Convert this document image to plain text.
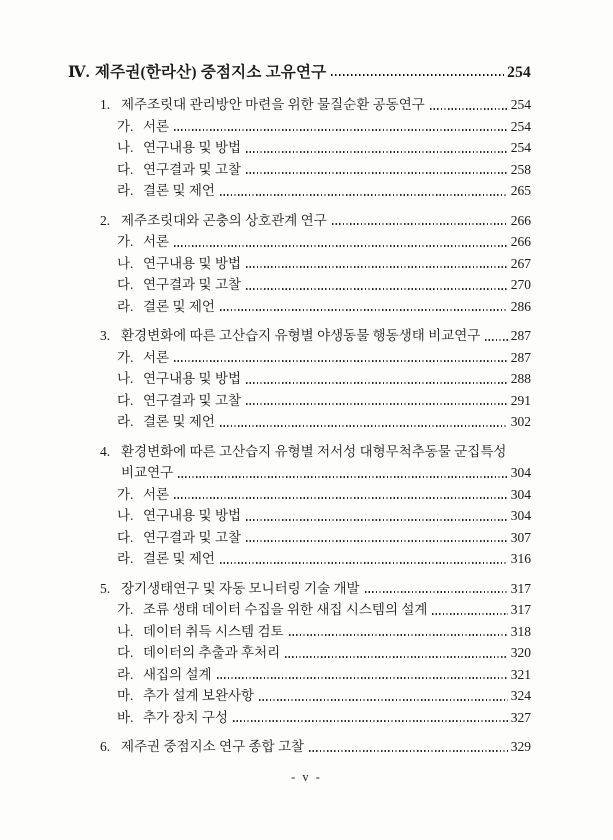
Ⅳ. 제주권(한라산) 중점지소 고유연구	254
1. 제주조릿대 관리방안 마련을 위한 물질순환 공동연구	254
가. 서론	254
나. 연구내용 및 방법	254
다. 연구결과 및 고찰	258
라. 결론 및 제언	265
2. 제주조릿대와 곤충의 상호관계 연구	266
가. 서론	266
나. 연구내용 및 방법	267
다. 연구결과 및 고찰	270
라. 결론 및 제언	286
3. 환경변화에 따른 고산습지 유형별 야생동물 행동생태 비교연구 287
가. 서론	287
나. 연구내용 및 방법	288
다. 연구결과 및 고찰	291
라. 결론 및 제언	302
4. 환경변화에 따른 고산습지 유형별 저서성 대형무척추동물 군집특성
비교연구	304
가. 서론	304
나. 연구내용 및 방법	304
다. 연구결과 및 고찰	307
라. 결론 및 제언	316
5. 장기생태연구 및 자동 모니터링 기술 개발	317
가. 조류 생태 데이터 수집을 위한 새집 시스템의 설계	317
나. 데이터 취득 시스템 검토	318
다. 데이터의 추출과 후처리	320
라. 새집의 설계	321
마. 추가 설계 보완사항	324
바. 추가 장치 구성	327
6. 제주권 중점지소 연구 종합 고찰	329
- v -
